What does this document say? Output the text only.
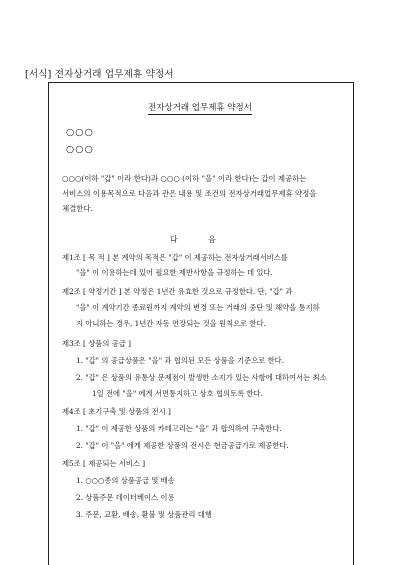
[서식] 전자상거래 업무제휴 약정서
전자상거래 업무제휴 약정서
○○○
○○○
○○○(이하 "갑" 이라 한다)과 ○○○ (이하 "을" 이라 한다)는 갑이 제공하는
서비스의 이용목적으로 다음과 관은 내용 및 조건의 전자상거래업무제휴 약정을
체결한다.
다 음
제1조 [ 목 적 ] 본 계약의 목적은 "갑" 이 제공하는 전자상거래서비스를
"을" 이 이용하는데 있어 필요한 제반사항을 규정하는 데 있다.
제2조 [ 약정기간 ] 본 약정은 1년간 유효한 것으로 규정한다. 단, "갑" 과
"을" 이 계약기간 종료원까지 계약의 변경 또는 거래의 중단 및 해약을 통지하
지 아니하는 경우, 1년간 자동 연장되는 것을 원칙으로 한다.
제3조 [ 상품의 공급 ]
1. "갑" 의 공급상품은 "을" 과 협의된 모든 상품을 기준으로 한다.
2. "갑" 은 상품의 유통상 문제점이 발생한 소지가 있는 사항에 대하여서는 최소
1일 전에 "을" 에게 서면통지하고 상호 협의토록 한다.
제4조 [ 초기구축 및 상품의 전시 ]
1. "갑" 이 제공한 상품의 카테고리는 "을" 과 합의하여 구축한다.
2. "갑" 이 "을" 에게 제공한 상품의 전시은 현금공급가로 제공한다.
제5조 [ 제공되는 서비스 ]
1. ○○○종의 상품공급 및 배송
2. 상품주문 데이터베이스 이용
3. 주문, 교환, 배송, 환불 및 상품관리 대행
